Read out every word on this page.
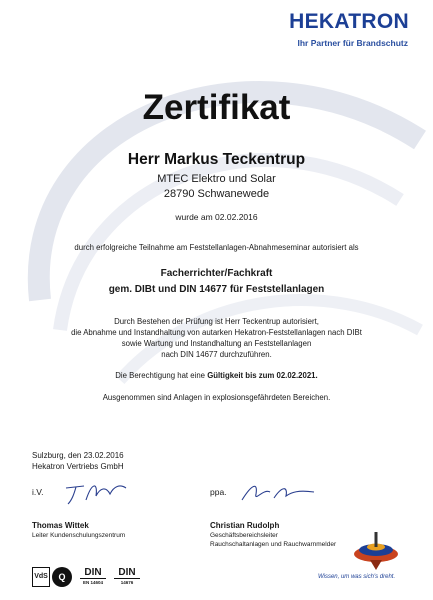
HEKATRON
Ihr Partner für Brandschutz
Zertifikat
Herr Markus Teckentrup
MTEC Elektro und Solar
28790 Schwanewede
wurde am 02.02.2016
durch erfolgreiche Teilnahme am Feststellanlagen-Abnahmeseminar autorisiert als
Facherrichter/Fachkraft
gem. DIBt und DIN 14677 für Feststellanlagen
Durch Bestehen der Prüfung ist Herr Teckentrup autorisiert,
die Abnahme und Instandhaltung von autarken Hekatron-Feststellanlagen nach DIBt
sowie Wartung und Instandhaltung an Feststellanlagen
nach DIN 14677 durchzuführen.
Die Berechtigung hat eine Gültigkeit bis zum 02.02.2021.
Ausgenommen sind Anlagen in explosionsgefährdeten Bereichen.
Sulzburg, den 23.02.2016
Hekatron Vertriebs GmbH
i.V.	ppa.
Thomas Wittek
Leiter Kundenschulungszentrum
Christian Rudolph
Geschäftsbereichsleiter
Rauchschaltanlagen und Rauchwarnmelder
Wissen, um was sich's dreht.
VdS	Q	DIN
EN 14604
DIN
14676
